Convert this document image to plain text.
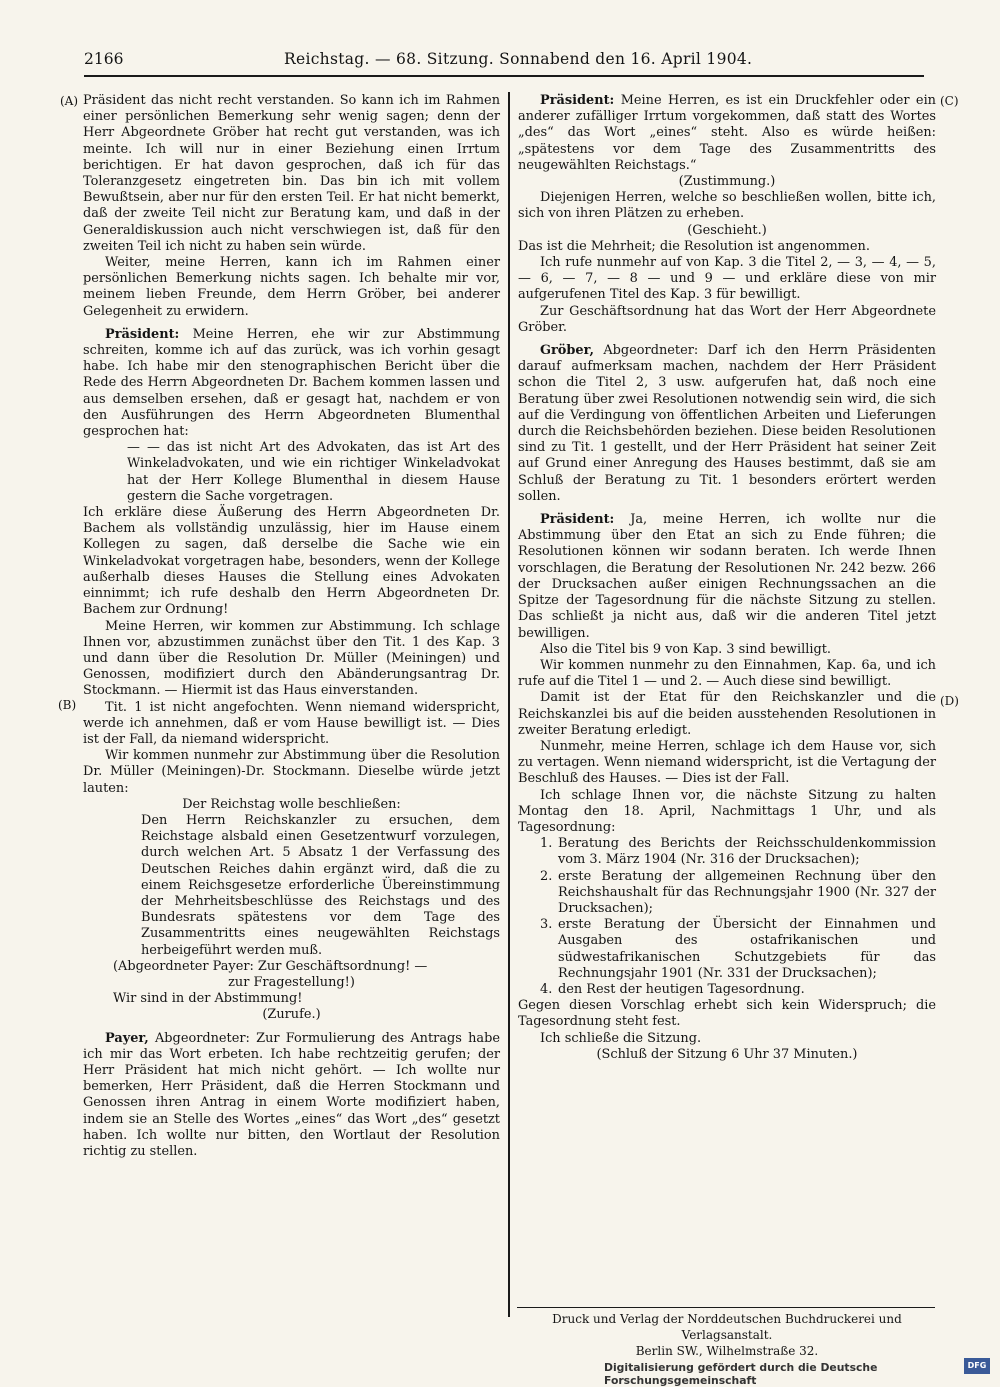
2166	Reichstag. — 68. Sitzung. Sonnabend den 16. April 1904.
(A)
(B)
(C)
(D)

Präsident das nicht recht verstanden. So kann ich im Rahmen einer persönlichen Bemerkung sehr wenig sagen; denn der Herr Abgeordnete Gröber hat recht gut verstanden, was ich meinte. Ich will nur in einer Beziehung einen Irrtum berichtigen. Er hat davon gesprochen, daß ich für das Toleranzgesetz eingetreten bin. Das bin ich mit vollem Bewußtsein, aber nur für den ersten Teil. Er hat nicht bemerkt, daß der zweite Teil nicht zur Beratung kam, und daß in der Generaldiskussion auch nicht verschwiegen ist, daß für den zweiten Teil ich nicht zu haben sein würde.

Weiter, meine Herren, kann ich im Rahmen einer persönlichen Bemerkung nichts sagen. Ich behalte mir vor, meinem lieben Freunde, dem Herrn Gröber, bei anderer Gelegenheit zu erwidern.

Präsident: Meine Herren, ehe wir zur Abstimmung schreiten, komme ich auf das zurück, was ich vorhin gesagt habe. Ich habe mir den stenographischen Bericht über die Rede des Herrn Abgeordneten Dr. Bachem kommen lassen und aus demselben ersehen, daß er gesagt hat, nachdem er von den Ausführungen des Herrn Abgeordneten Blumenthal gesprochen hat:

— — das ist nicht Art des Advokaten, das ist Art des Winkeladvokaten, und wie ein richtiger Winkeladvokat hat der Herr Kollege Blumenthal in diesem Hause gestern die Sache vorgetragen.

Ich erkläre diese Äußerung des Herrn Abgeordneten Dr. Bachem als vollständig unzulässig, hier im Hause einem Kollegen zu sagen, daß derselbe die Sache wie ein Winkeladvokat vorgetragen habe, besonders, wenn der Kollege außerhalb dieses Hauses die Stellung eines Advokaten einnimmt; ich rufe deshalb den Herrn Abgeordneten Dr. Bachem zur Ordnung!

Meine Herren, wir kommen zur Abstimmung. Ich schlage Ihnen vor, abzustimmen zunächst über den Tit. 1 des Kap. 3 und dann über die Resolution Dr. Müller (Meiningen) und Genossen, modifiziert durch den Abänderungsantrag Dr. Stockmann. — Hiermit ist das Haus einverstanden.

Tit. 1 ist nicht angefochten. Wenn niemand widerspricht, werde ich annehmen, daß er vom Hause bewilligt ist. — Dies ist der Fall, da niemand widerspricht.

Wir kommen nunmehr zur Abstimmung über die Resolution Dr. Müller (Meiningen)-Dr. Stockmann. Dieselbe würde jetzt lauten:

Der Reichstag wolle beschließen:

Den Herrn Reichskanzler zu ersuchen, dem Reichstage alsbald einen Gesetzentwurf vorzulegen, durch welchen Art. 5 Absatz 1 der Verfassung des Deutschen Reiches dahin ergänzt wird, daß die zu einem Reichsgesetze erforderliche Übereinstimmung der Mehrheitsbeschlüsse des Reichstags und des Bundesrats spätestens vor dem Tage des Zusammentritts eines neugewählten Reichstags herbeigeführt werden muß.

(Abgeordneter Payer: Zur Geschäftsordnung! —

zur Fragestellung!)

Wir sind in der Abstimmung!

(Zurufe.)

Payer, Abgeordneter: Zur Formulierung des Antrags habe ich mir das Wort erbeten. Ich habe rechtzeitig gerufen; der Herr Präsident hat mich nicht gehört. — Ich wollte nur bemerken, Herr Präsident, daß die Herren Stockmann und Genossen ihren Antrag in einem Worte modifiziert haben, indem sie an Stelle des Wortes „eines“ das Wort „des“ gesetzt haben. Ich wollte nur bitten, den Wortlaut der Resolution richtig zu stellen.

Präsident: Meine Herren, es ist ein Druckfehler oder ein anderer zufälliger Irrtum vorgekommen, daß statt des Wortes „des“ das Wort „eines“ steht. Also es würde heißen: „spätestens vor dem Tage des Zusammentritts des neugewählten Reichstags.“

(Zustimmung.)

Diejenigen Herren, welche so beschließen wollen, bitte ich, sich von ihren Plätzen zu erheben.

(Geschieht.)

Das ist die Mehrheit; die Resolution ist angenommen.

Ich rufe nunmehr auf von Kap. 3 die Titel 2, — 3, — 4, — 5, — 6, — 7, — 8 — und 9 — und erkläre diese von mir aufgerufenen Titel des Kap. 3 für bewilligt.

Zur Geschäftsordnung hat das Wort der Herr Abgeordnete Gröber.

Gröber, Abgeordneter: Darf ich den Herrn Präsidenten darauf aufmerksam machen, nachdem der Herr Präsident schon die Titel 2, 3 usw. aufgerufen hat, daß noch eine Beratung über zwei Resolutionen notwendig sein wird, die sich auf die Verdingung von öffentlichen Arbeiten und Lieferungen durch die Reichsbehörden beziehen. Diese beiden Resolutionen sind zu Tit. 1 gestellt, und der Herr Präsident hat seiner Zeit auf Grund einer Anregung des Hauses bestimmt, daß sie am Schluß der Beratung zu Tit. 1 besonders erörtert werden sollen.

Präsident: Ja, meine Herren, ich wollte nur die Abstimmung über den Etat an sich zu Ende führen; die Resolutionen können wir sodann beraten. Ich werde Ihnen vorschlagen, die Beratung der Resolutionen Nr. 242 bezw. 266 der Drucksachen außer einigen Rechnungssachen an die Spitze der Tagesordnung für die nächste Sitzung zu stellen. Das schließt ja nicht aus, daß wir die anderen Titel jetzt bewilligen.

Also die Titel bis 9 von Kap. 3 sind bewilligt.

Wir kommen nunmehr zu den Einnahmen, Kap. 6a, und ich rufe auf die Titel 1 — und 2. — Auch diese sind bewilligt.

Damit ist der Etat für den Reichskanzler und die Reichskanzlei bis auf die beiden ausstehenden Resolutionen in zweiter Beratung erledigt.

Nunmehr, meine Herren, schlage ich dem Hause vor, sich zu vertagen. Wenn niemand widerspricht, ist die Vertagung der Beschluß des Hauses. — Dies ist der Fall.

Ich schlage Ihnen vor, die nächste Sitzung zu halten Montag den 18. April, Nachmittags 1 Uhr, und als Tagesordnung:

1. Beratung des Berichts der Reichsschuldenkommission vom 3. März 1904 (Nr. 316 der Drucksachen);
2. erste Beratung der allgemeinen Rechnung über den Reichshaushalt für das Rechnungsjahr 1900 (Nr. 327 der Drucksachen);
3. erste Beratung der Übersicht der Einnahmen und Ausgaben des ostafrikanischen und südwestafrikanischen Schutzgebiets für das Rechnungsjahr 1901 (Nr. 331 der Drucksachen);
4. den Rest der heutigen Tagesordnung.

Gegen diesen Vorschlag erhebt sich kein Widerspruch; die Tagesordnung steht fest.

Ich schließe die Sitzung.

(Schluß der Sitzung 6 Uhr 37 Minuten.)

Druck und Verlag der Norddeutschen Buchdruckerei und Verlagsanstalt.
Berlin SW., Wilhelmstraße 32.
Digitalisierung gefördert durch die Deutsche Forschungsgemeinschaft
DFG
